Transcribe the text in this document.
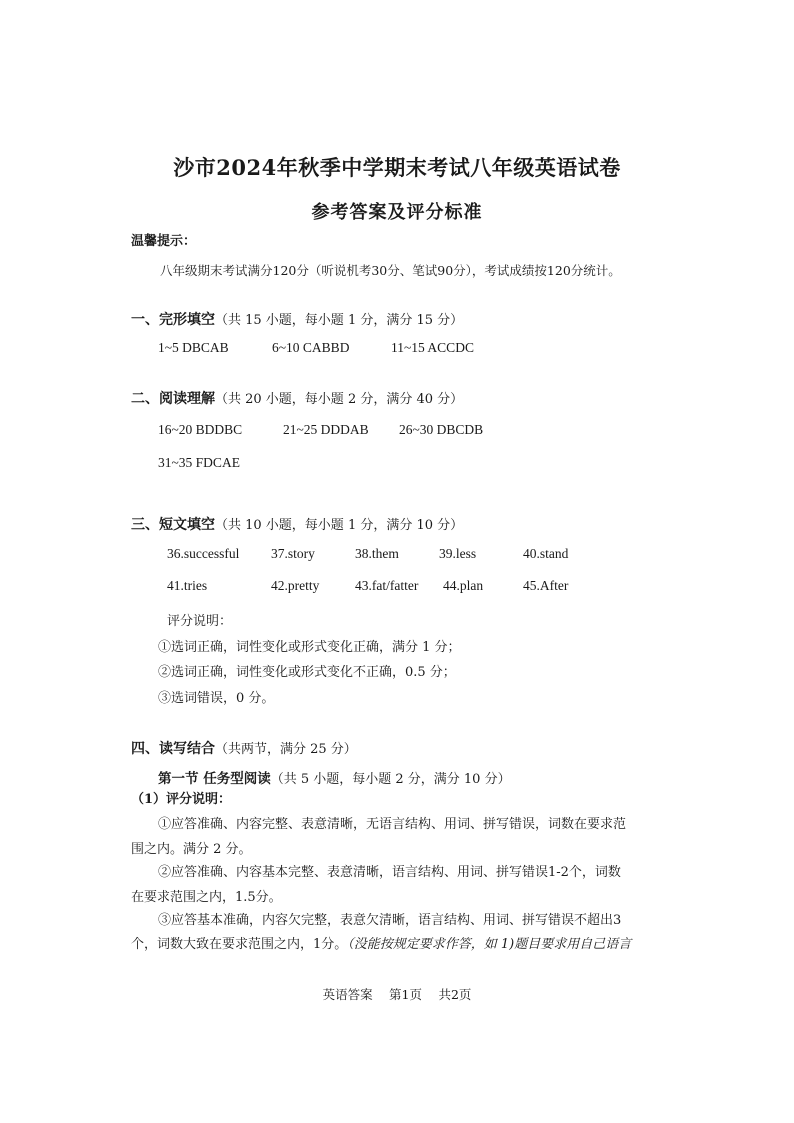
沙市2024年秋季中学期末考试八年级英语试卷
参考答案及评分标准
温馨提示：
八年级期末考试满分120分（听说机考30分、笔试90分），考试成绩按120分统计。
一、完形填空（共 15 小题，每小题 1 分，满分 15 分）
1~5 DBCAB	6~10 CABBD	11~15 ACCDC
二、阅读理解（共 20 小题，每小题 2 分，满分 40 分）
16~20 BDDBC	21~25 DDDAB 26~30 DBCDB
31~35 FDCAE
三、短文填空（共 10 小题，每小题 1 分，满分 10 分）
36.successful 37.story	38.them	39.less	40.stand
41.tries	42.pretty	43.fat/fatter 44.plan	45.After
评分说明：
①选词正确，词性变化或形式变化正确，满分 1 分；
②选词正确，词性变化或形式变化不正确，0.5 分；
③选词错误，0 分。
四、读写结合（共两节，满分 25 分）
第一节 任务型阅读（共 5 小题，每小题 2 分，满分 10 分）
（1）评分说明：
①应答准确、内容完整、表意清晰，无语言结构、用词、拼写错误，词数在要求范
围之内。满分 2 分。
②应答准确、内容基本完整、表意清晰，语言结构、用词、拼写错误1-2个，词数
在要求范围之内，1.5分。
③应答基本准确，内容欠完整，表意欠清晰，语言结构、用词、拼写错误不超出3
个，词数大致在要求范围之内，1分。（没能按规定要求作答，如 1)题目要求用自己语言
英语答案　 第1页　 共2页
